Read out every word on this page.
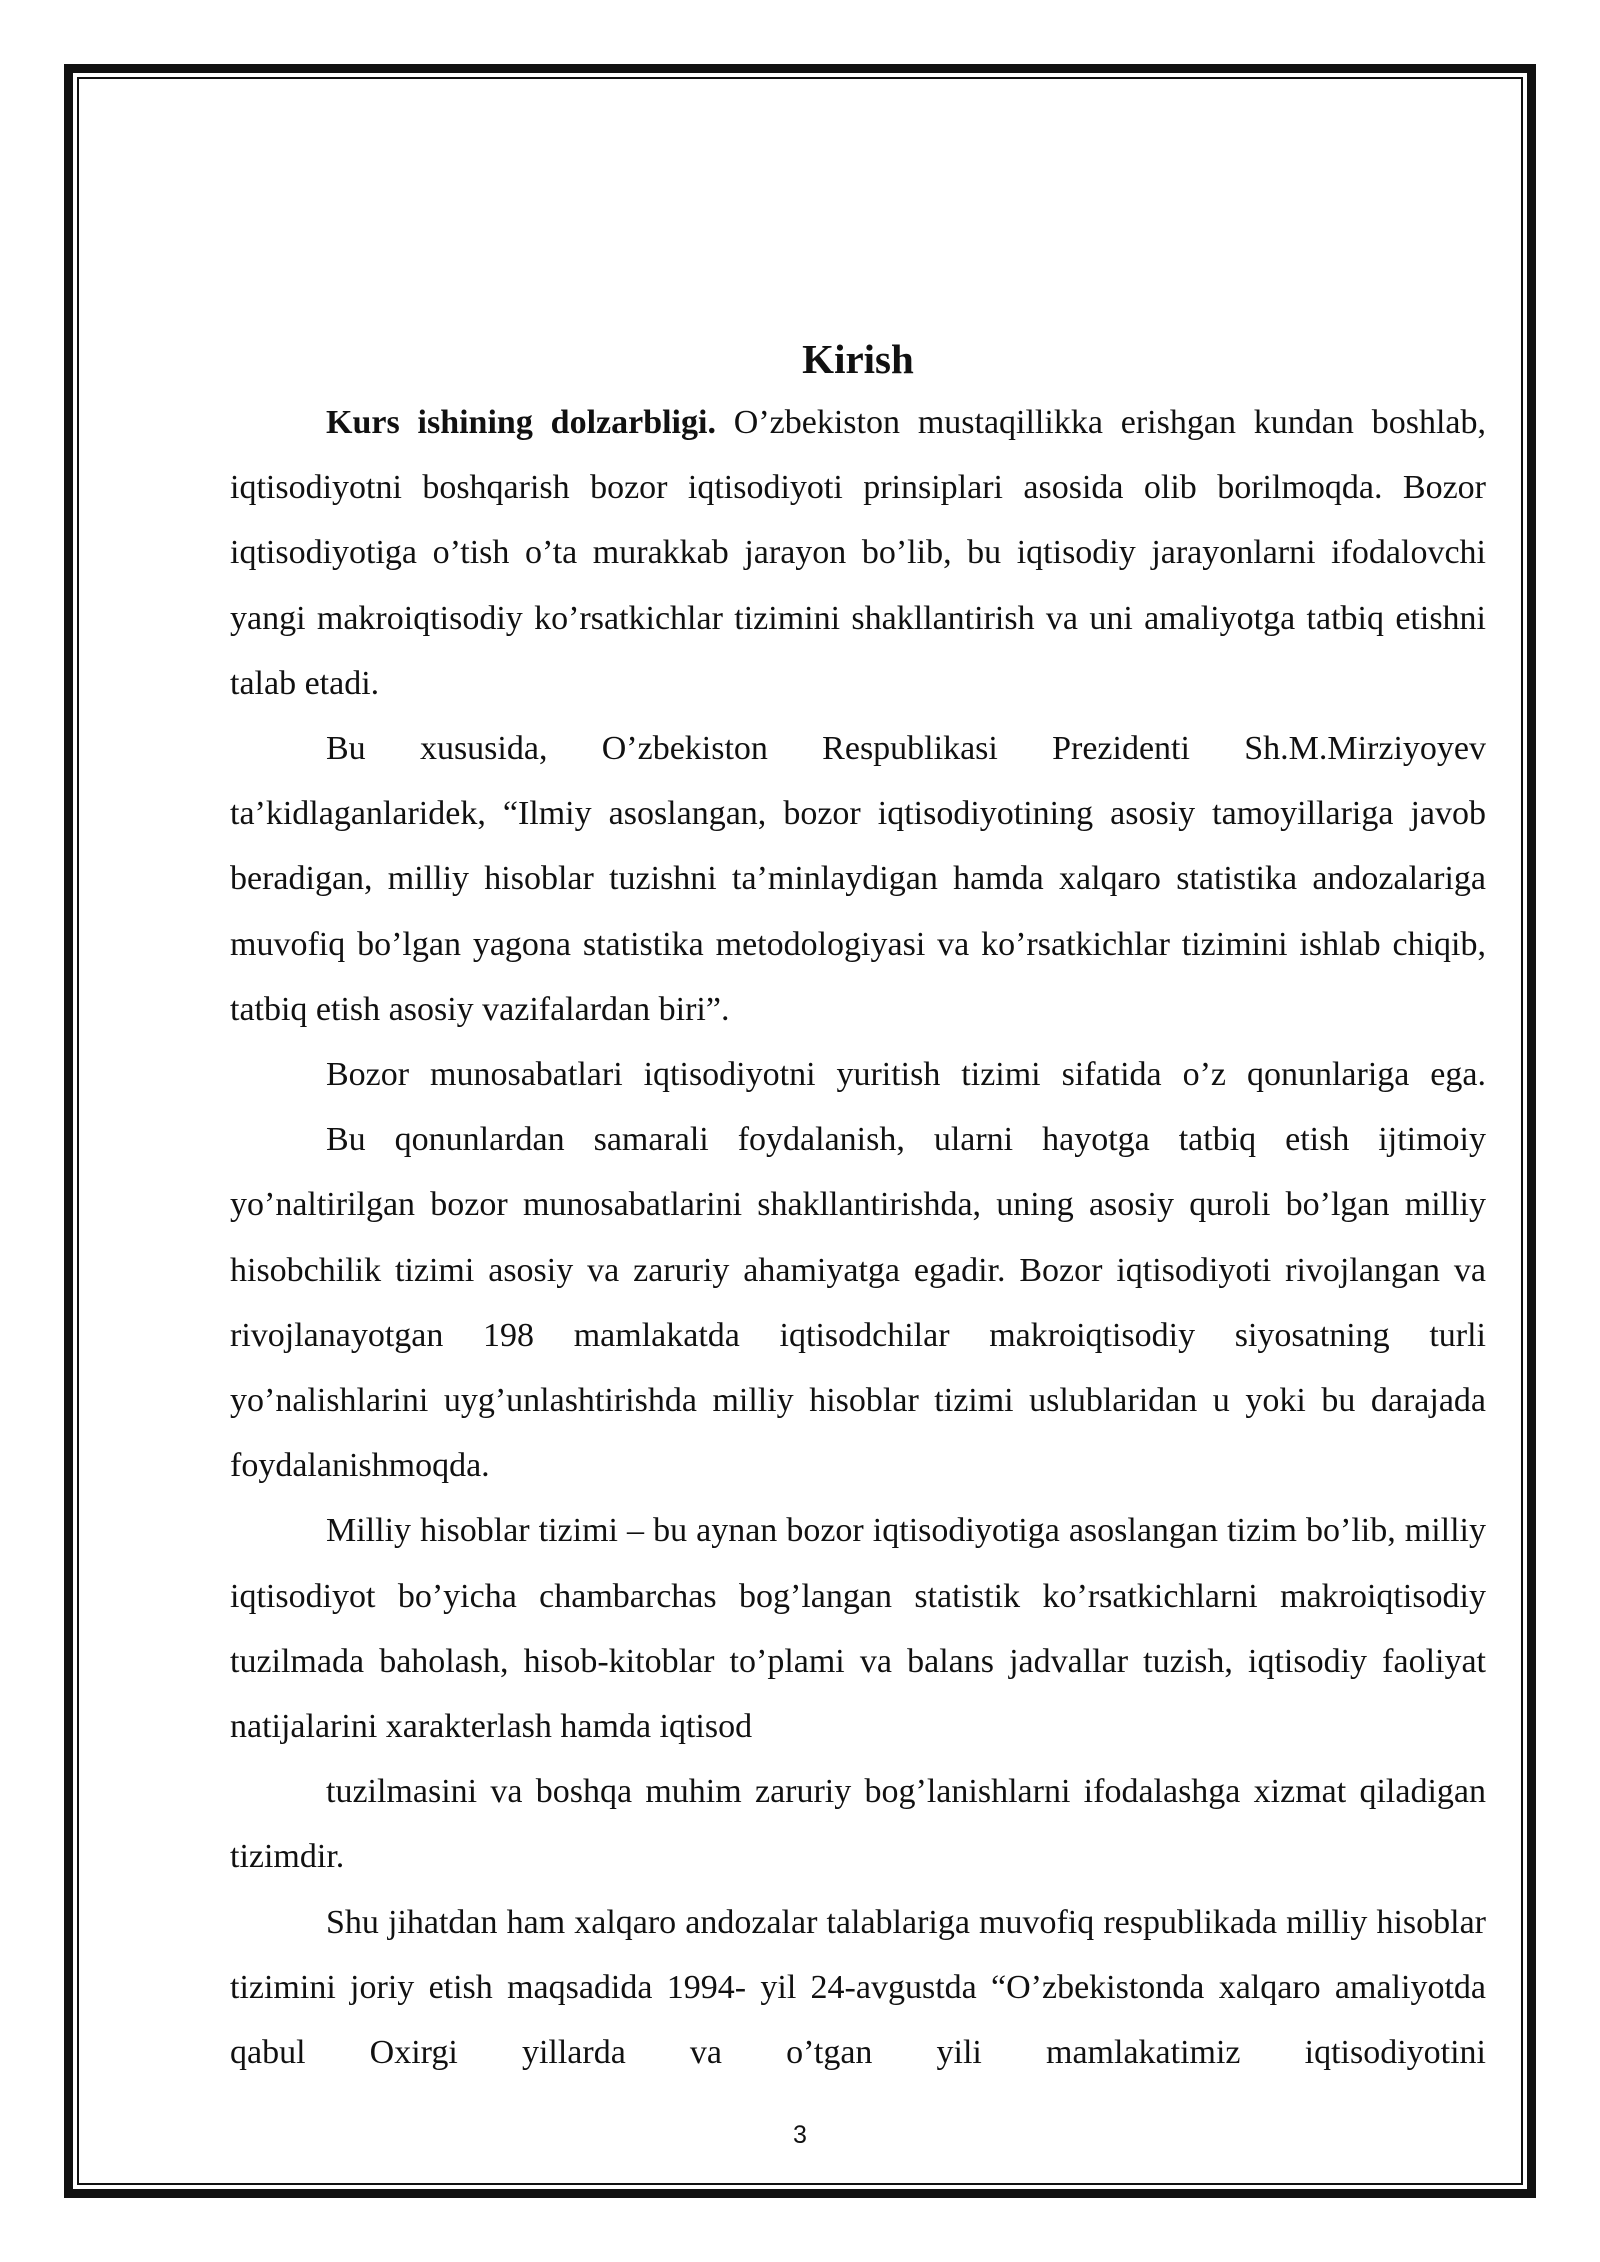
Kirish

Kurs ishining dolzarbligi. O’zbekiston mustaqillikka erishgan kundan boshlab, iqtisodiyotni boshqarish bozor iqtisodiyoti prinsiplari asosida olib borilmoqda. Bozor iqtisodiyotiga o’tish o’ta murakkab jarayon bo’lib, bu iqtisodiy jarayonlarni ifodalovchi yangi makroiqtisodiy ko’rsatkichlar tizimini shakllantirish va uni amaliyotga tatbiq etishni talab etadi.

Bu xususida, O’zbekiston Respublikasi Prezidenti Sh.M.Mirziyoyev ta’kidlaganlaridek, “Ilmiy asoslangan, bozor iqtisodiyotining asosiy tamoyillariga javob beradigan, milliy hisoblar tuzishni ta’minlaydigan hamda xalqaro statistika andozalariga muvofiq bo’lgan yagona statistika metodologiyasi va ko’rsatkichlar tizimini ishlab chiqib, tatbiq etish asosiy vazifalardan biri”.

Bozor munosabatlari iqtisodiyotni yuritish tizimi sifatida o’z qonunlariga ega.

Bu qonunlardan samarali foydalanish, ularni hayotga tatbiq etish ijtimoiy yo’naltirilgan bozor munosabatlarini shakllantirishda, uning asosiy quroli bo’lgan milliy hisobchilik tizimi asosiy va zaruriy ahamiyatga egadir. Bozor iqtisodiyoti rivojlangan va rivojlanayotgan 198 mamlakatda iqtisodchilar makroiqtisodiy siyosatning turli yo’nalishlarini uyg’unlashtirishda milliy hisoblar tizimi uslublaridan u yoki bu darajada foydalanishmoqda.

Milliy hisoblar tizimi – bu aynan bozor iqtisodiyotiga asoslangan tizim bo’lib, milliy iqtisodiyot bo’yicha chambarchas bog’langan statistik ko’rsatkichlarni makroiqtisodiy tuzilmada baholash, hisob-kitoblar to’plami va balans jadvallar tuzish, iqtisodiy faoliyat natijalarini xarakterlash hamda iqtisod

tuzilmasini va boshqa muhim zaruriy bog’lanishlarni ifodalashga xizmat qiladigan tizimdir.

Shu jihatdan ham xalqaro andozalar talablariga muvofiq respublikada milliy hisoblar tizimini joriy etish maqsadida 1994- yil 24-avgustda “O’zbekistonda xalqaro amaliyotda qabul Oxirgi yillarda va o’tgan yili mamlakatimiz iqtisodiyotini

3
